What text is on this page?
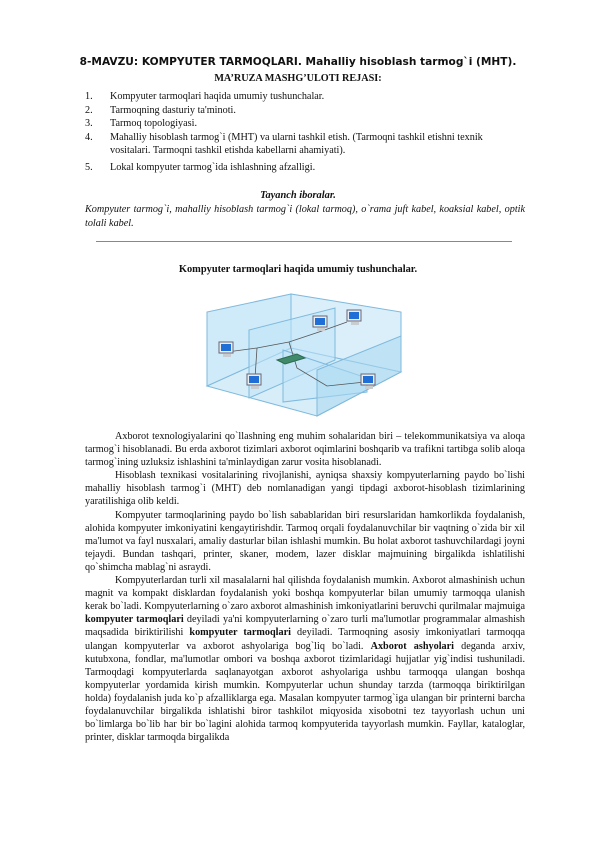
8-MAVZU: KOMPYUTER TARMOQLARI. Mahalliy hisoblash tarmog`i (MHT).
MA’RUZA MASHG’ULOTI REJASI:
1. Kompyuter tarmoqlari haqida umumiy tushunchalar.
2. Tarmoqning dasturiy ta'minoti.
3. Tarmoq topologiyasi.
4. Mahalliy hisoblash tarmog`i (MHT) va ularni tashkil etish. (Tarmoqni tashkil etishni texnik vositalari. Tarmoqni tashkil etishda kabellarni ahamiyati).
5. Lokal kompyuter tarmog`ida ishlashning afzalligi.
Tayanch iboralar.
Kompyuter tarmog`i, mahalliy hisoblash tarmog`i (lokal tarmoq), o`rama juft kabel, koaksial kabel, optik tolali kabel.
Kompyuter tarmoqlari haqida umumiy tushunchalar.

Axborot texnologiyalarini qo`llashning eng muhim sohalaridan biri – telekommunikatsiya va aloqa tarmog`i hisoblanadi. Bu erda axborot tizimlari axborot oqimlarini boshqarib va trafikni tartibga solib aloqa tarmog`ining uzluksiz ishlashini ta'minlaydigan zarur vosita hisoblanadi.

Hisoblash texnikasi vositalarining rivojlanishi, ayniqsa shaxsiy kompyuterlarning paydo bo`lishi mahalliy hisoblash tarmog`i (MHT) deb nomlanadigan yangi tipdagi axborot-hisoblash tizimlarining yaratilishiga olib keldi.

Kompyuter tarmoqlarining paydo bo`lish sabablaridan biri resurslaridan hamkorlikda foydalanish, alohida kompyuter imkoniyatini kengaytirishdir. Tarmoq orqali foydalanuvchilar bir vaqtning o`zida bir xil ma'lumot va fayl nusxalari, amaliy dasturlar bilan ishlashi mumkin. Bu holat axborot tashuvchilardagi joyni tejaydi. Bundan tashqari, printer, skaner, modem, lazer disklar majmuining birgalikda ishlatilishi qo`shimcha mablag`ni asraydi.

Kompyuterlardan turli xil masalalarni hal qilishda foydalanish mumkin. Axborot almashinish uchun magnit va kompakt disklardan foydalanish yoki boshqa kompyuterlar bilan umumiy tarmoqqa ulanish kerak bo`ladi. Kompyuterlarning o`zaro axborot almashinish imkoniyatlarini beruvchi qurilmalar majmuiga kompyuter tarmoqlari deyiladi ya'ni kompyuterlarning o`zaro turli ma'lumotlar programmalar almashish maqsadida biriktirilishi kompyuter tarmoqlari deyiladi. Tarmoqning asosiy imkoniyatlari tarmoqqa ulangan kompyuterlar va axborot ashyolariga bog`liq bo`ladi. Axborot ashyolari deganda arxiv, kutubxona, fondlar, ma'lumotlar ombori va boshqa axborot tizimlaridagi hujjatlar yig`indisi tushuniladi. Tarmoqdagi kompyuterlarda saqlanayotgan axborot ashyolariga ushbu tarmoqqa ulangan boshqa kompyuterlar yordamida kirish mumkin. Kompyuterlar uchun shunday tarzda (tarmoqqa biriktirilgan holda) foydalanish juda ko`p afzalliklarga ega. Masalan kompyuter tarmog`iga ulangan bir printerni barcha foydalanuvchilar birgalikda ishlatishi biror tashkilot miqyosida xisobotni tez tayyorlash uchun uni bo`limlarga bo`lib har bir bo`lagini alohida tarmoq kompyuterida tayyorlash mumkin. Fayllar, kataloglar, printer, disklar tarmoqda birgalikda
